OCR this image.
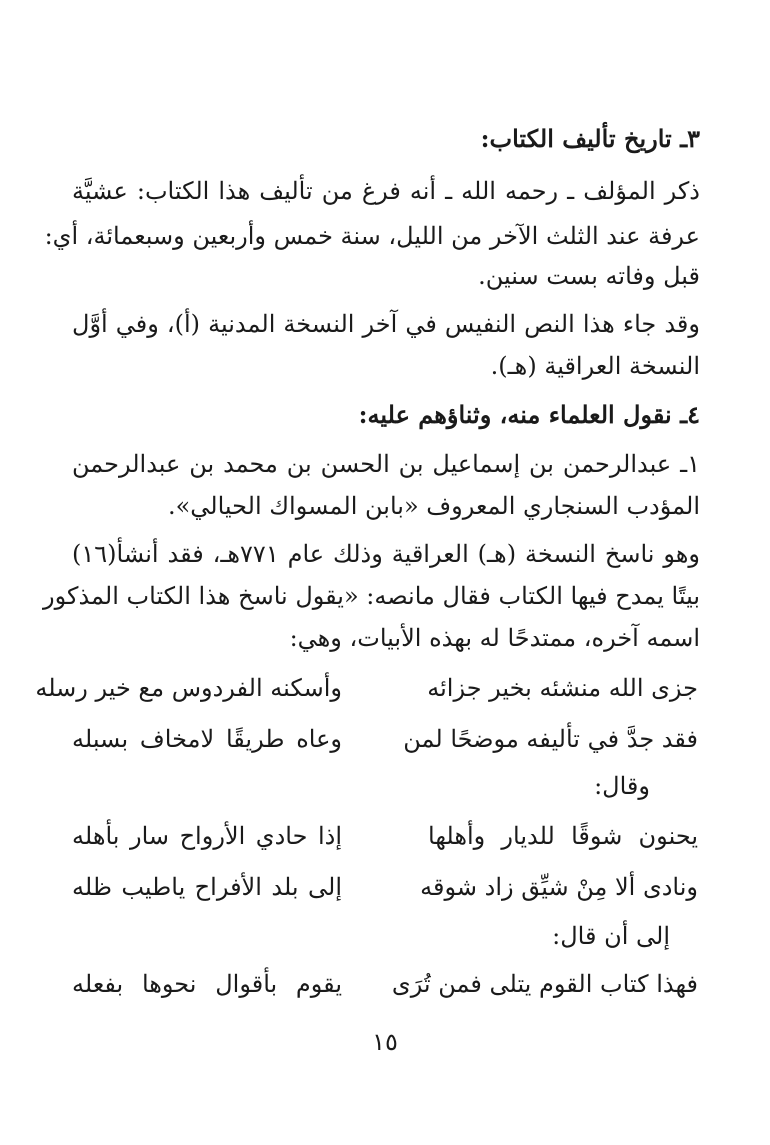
٣ـ تاريخ تأليف الكتاب:
ذكر المؤلف ـ رحمه الله ـ أنه فرغ من تأليف هذا الكتاب: عشيَّة
عرفة عند الثلث الآخر من الليل، سنة خمس وأربعين وسبعمائة، أي:
قبل وفاته بست سنين.
وقد جاء هذا النص النفيس في آخر النسخة المدنية (أ)، وفي أوَّل
النسخة العراقية (هـ).
٤ـ نقول العلماء منه، وثناؤهم عليه:
١ـ عبدالرحمن بن إسماعيل بن الحسن بن محمد بن عبدالرحمن
المؤدب السنجاري المعروف «بابن المسواك الحيالي».
وهو ناسخ النسخة (هـ) العراقية وذلك عام ٧٧١هـ، فقد أنشأ(١٦)
بيتًا يمدح فيها الكتاب فقال مانصه: «يقول ناسخ هذا الكتاب المذكور
اسمه آخره، ممتدحًا له بهذه الأبيات، وهي:
جزى الله منشئه بخير جزائه
وأسكنه الفردوس مع خير رسله
فقد جدَّ في تأليفه موضحًا لمن
وعاه طريقًا لامخاف بسبله
وقال:
يحنون شوقًا للديار وأهلها
إذا حادي الأرواح سار بأهله
ونادى ألا مِنْ شيِّق زاد شوقه
إلى بلد الأفراح ياطيب ظله
إلى أن قال:
فهذا كتاب القوم يتلى فمن تُرَى
يقوم بأقوال نحوها بفعله
١٥
